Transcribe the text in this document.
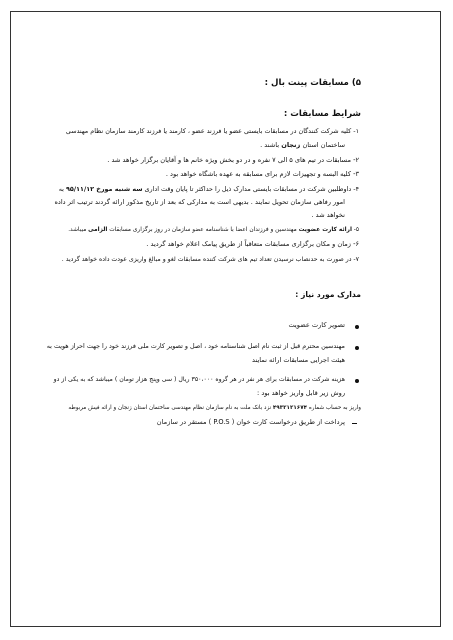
۵) مسابقات پینت بال :
شرایط مسابقات :
۱- کلیه شرکت کنندگان در مسابقات بایستی عضو یا فرزند عضو ، کارمند یا فرزند کارمند سازمان نظام مهندسی
ساختمان استان زنجان باشند .
۲- مسابقات در تیم های ۵ الی ۷ نفره و در دو بخش ویژه خانم ها و آقایان برگزار خواهد شد .
۳- کلیه البسه و تجهیزات لازم برای مسابقه به عهده باشگاه خواهد بود .
۴- داوطلبین شرکت در مسابقات بایستی مدارک ذیل را حداکثر تا پایان وقت اداری سه شنبه مورخ ۹۵/۱۱/۱۲ به
امور رفاهی سازمان تحویل نمایند . بدیهی است به مدارکی که بعد از تاریخ مذکور ارائه گردند ترتیب اثر داده
نخواهد شد .
۵- ارائه کارت عضویت مهندسین و فرزندان اعضا با شناسنامه عضو سازمان در روز برگزاری مسابقات الزامی میباشد.
۶- زمان و مکان برگزاری مسابقات متعاقباً از طریق پیامک اعلام خواهد گردید .
۷- در صورت به حدنصاب نرسیدن تعداد تیم های شرکت کننده مسابقات لغو و مبالغ واریزی عودت داده خواهد گردید .
مدارک مورد نیاز :
تصویر کارت عضویت
مهندسین محترم قبل از ثبت نام اصل شناسنامه خود ، اصل و تصویر کارت ملی فرزند خود را جهت احراز هویت به
هیئت اجرایی مسابقات ارائه نمایند
هزینه شرکت در مسابقات برای هر نفر در هر گروه ۳۵۰،۰۰۰ ریال ( سی وپنج هزار تومان ) میباشد که به یکی از دو
روش زیر قابل واریز خواهد بود :
واریز به حساب شماره ۴۹۳۲۱۲۱۶۷۴ نزد بانک ملت به نام سازمان نظام مهندسی ساختمان استان زنجان و ارائه فیش مربوطه
پرداخت از طریق درخواست کارت خوان ( P.O.S ) مستقر در سازمان
